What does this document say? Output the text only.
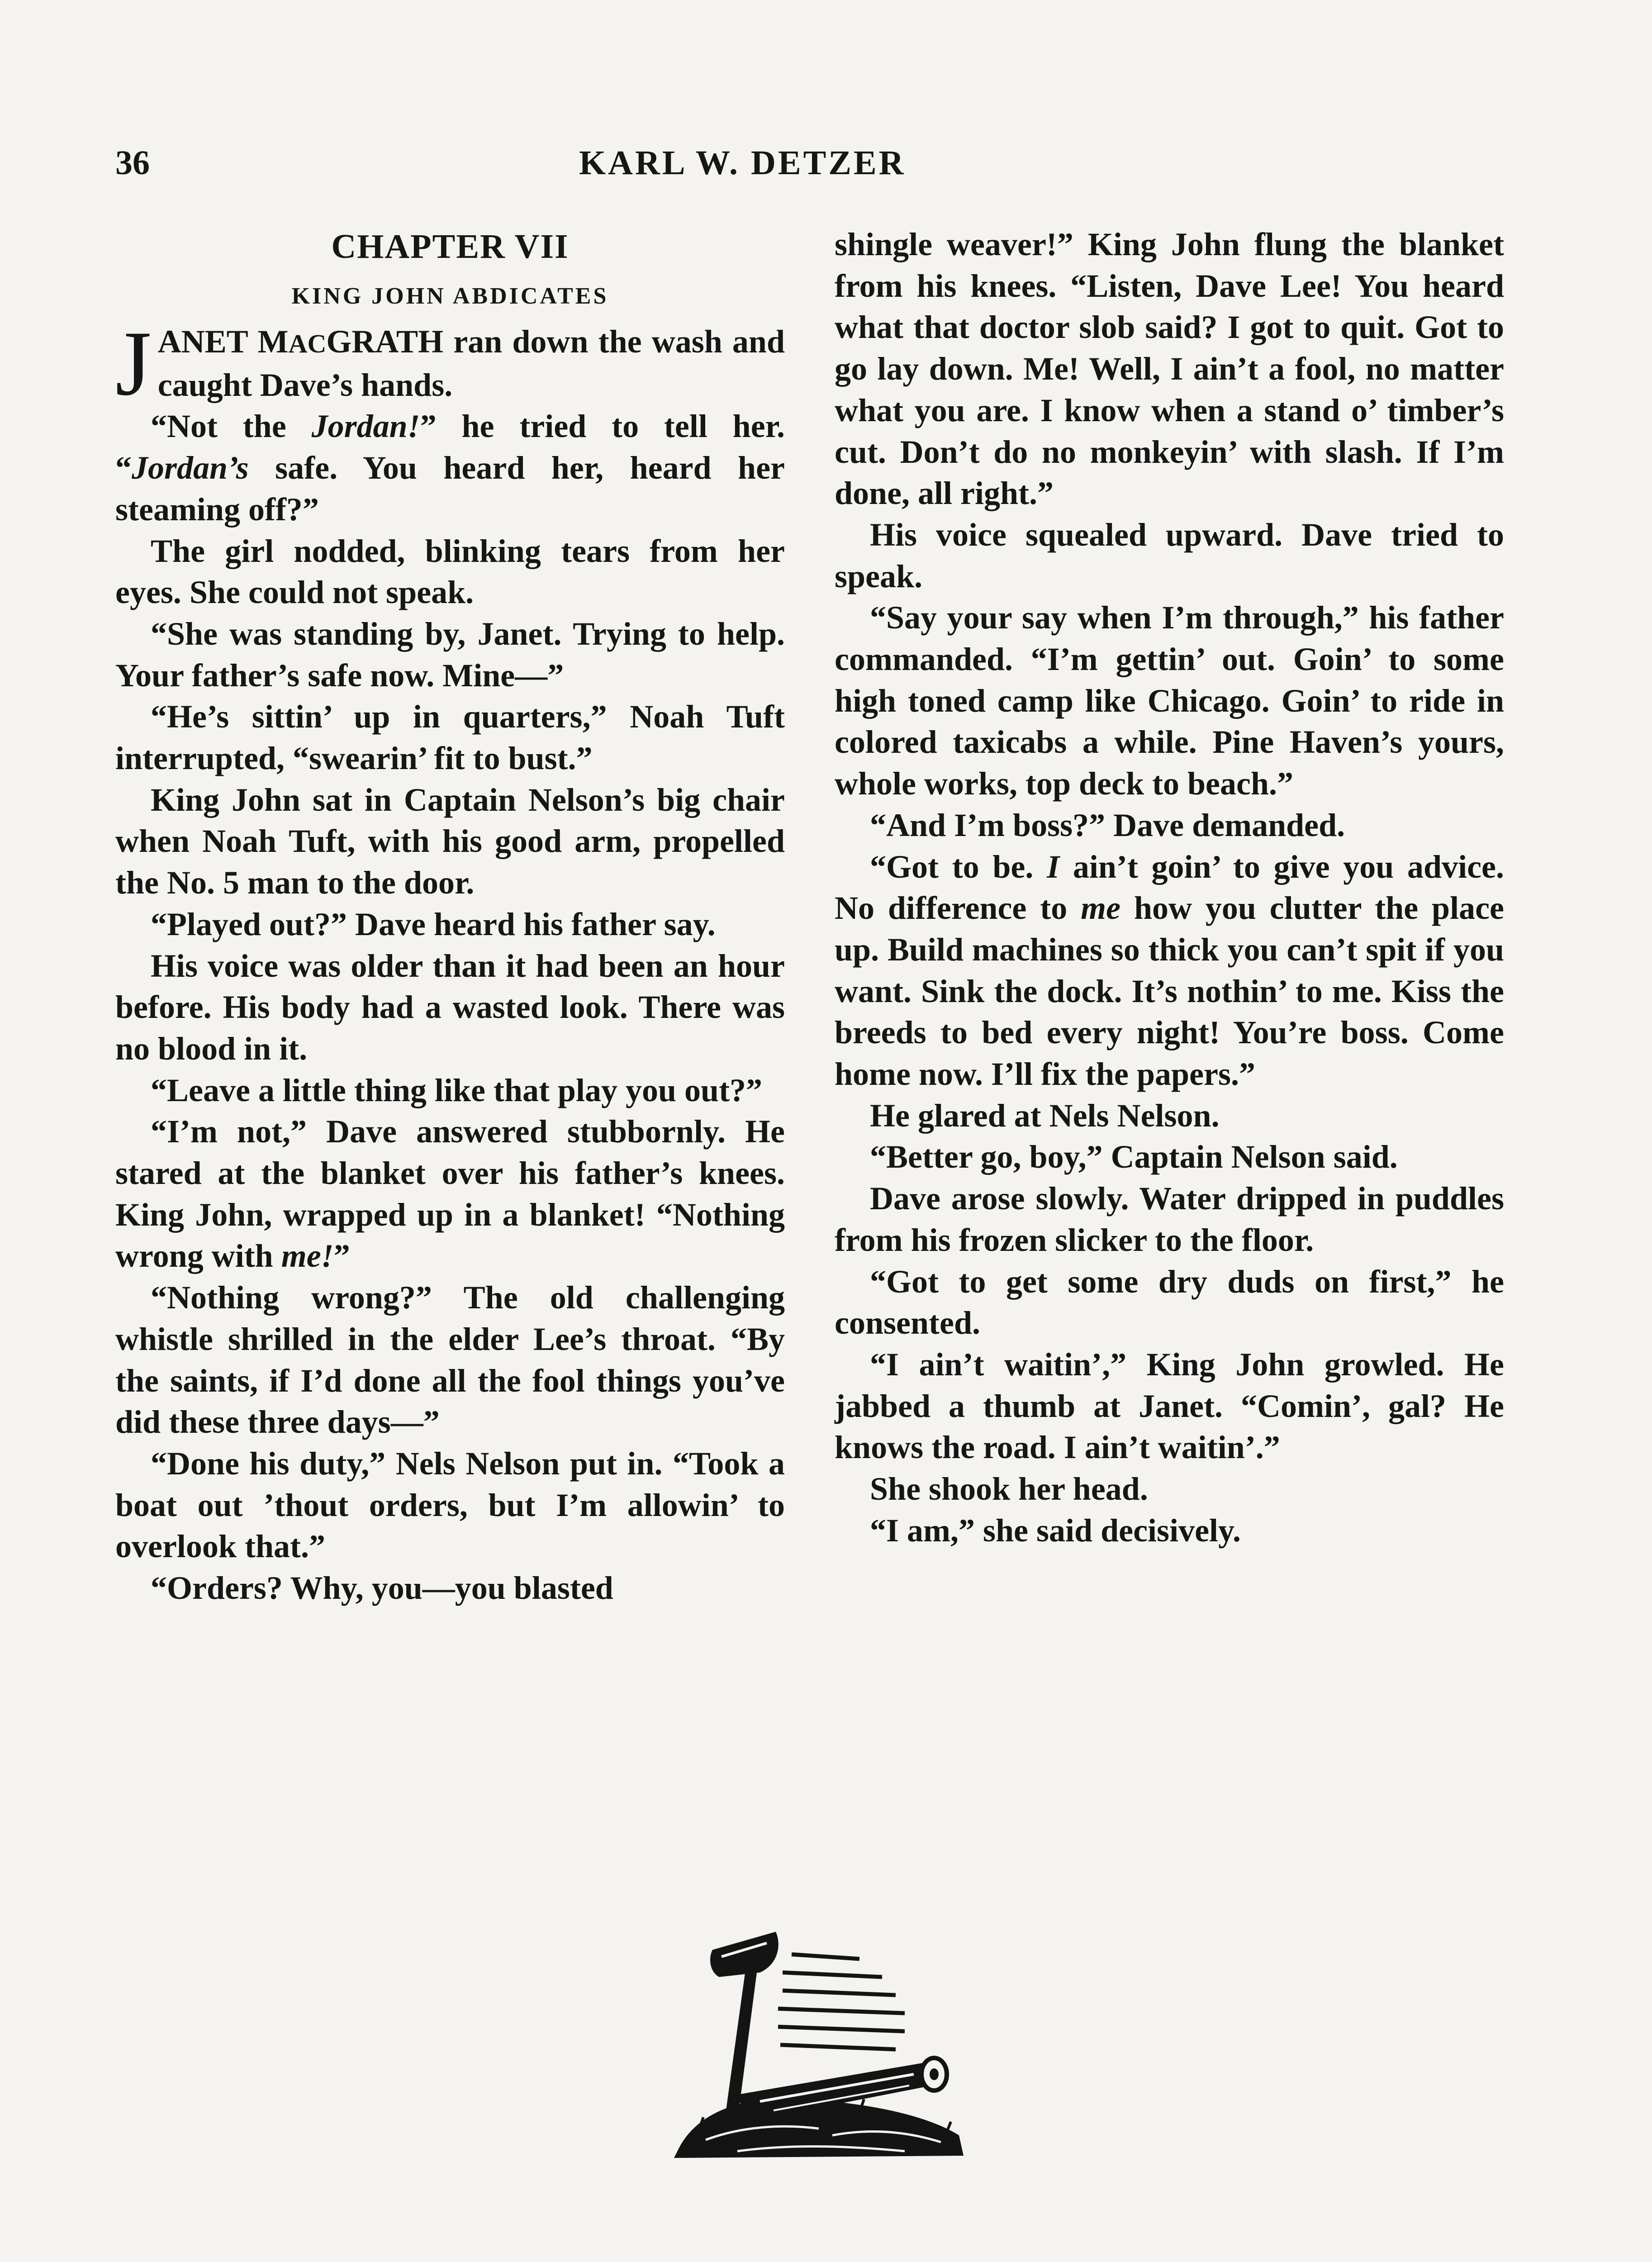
36	KARL W. DETZER
CHAPTER VII
KING JOHN ABDICATES

JANET MACGRATH ran down the wash and caught Dave’s hands.

“Not the Jordan!” he tried to tell her. “Jordan’s safe. You heard her, heard her steaming off?”

The girl nodded, blinking tears from her eyes. She could not speak.

“She was standing by, Janet. Trying to help. Your father’s safe now. Mine—”

“He’s sittin’ up in quarters,” Noah Tuft interrupted, “swearin’ fit to bust.”

King John sat in Captain Nelson’s big chair when Noah Tuft, with his good arm, propelled the No. 5 man to the door.

“Played out?” Dave heard his father say.

His voice was older than it had been an hour before. His body had a wasted look. There was no blood in it.

“Leave a little thing like that play you out?”

“I’m not,” Dave answered stubbornly. He stared at the blanket over his father’s knees. King John, wrapped up in a blanket! “Nothing wrong with me!”

“Nothing wrong?” The old challenging whistle shrilled in the elder Lee’s throat. “By the saints, if I’d done all the fool things you’ve did these three days—”

“Done his duty,” Nels Nelson put in. “Took a boat out ’thout orders, but I’m allowin’ to overlook that.”

“Orders? Why, you—you blasted

shingle weaver!” King John flung the blanket from his knees. “Listen, Dave Lee! You heard what that doctor slob said? I got to quit. Got to go lay down. Me! Well, I ain’t a fool, no matter what you are. I know when a stand o’ timber’s cut. Don’t do no monkeyin’ with slash. If I’m done, all right.”

His voice squealed upward. Dave tried to speak.

“Say your say when I’m through,” his father commanded. “I’m gettin’ out. Goin’ to some high toned camp like Chicago. Goin’ to ride in colored taxicabs a while. Pine Haven’s yours, whole works, top deck to beach.”

“And I’m boss?” Dave demanded.

“Got to be. I ain’t goin’ to give you advice. No difference to me how you clutter the place up. Build machines so thick you can’t spit if you want. Sink the dock. It’s nothin’ to me. Kiss the breeds to bed every night! You’re boss. Come home now. I’ll fix the papers.”

He glared at Nels Nelson.

“Better go, boy,” Captain Nelson said.

Dave arose slowly. Water dripped in puddles from his frozen slicker to the floor.

“Got to get some dry duds on first,” he consented.

“I ain’t waitin’,” King John growled. He jabbed a thumb at Janet. “Comin’, gal? He knows the road. I ain’t waitin’.”

She shook her head.

“I am,” she said decisively.
